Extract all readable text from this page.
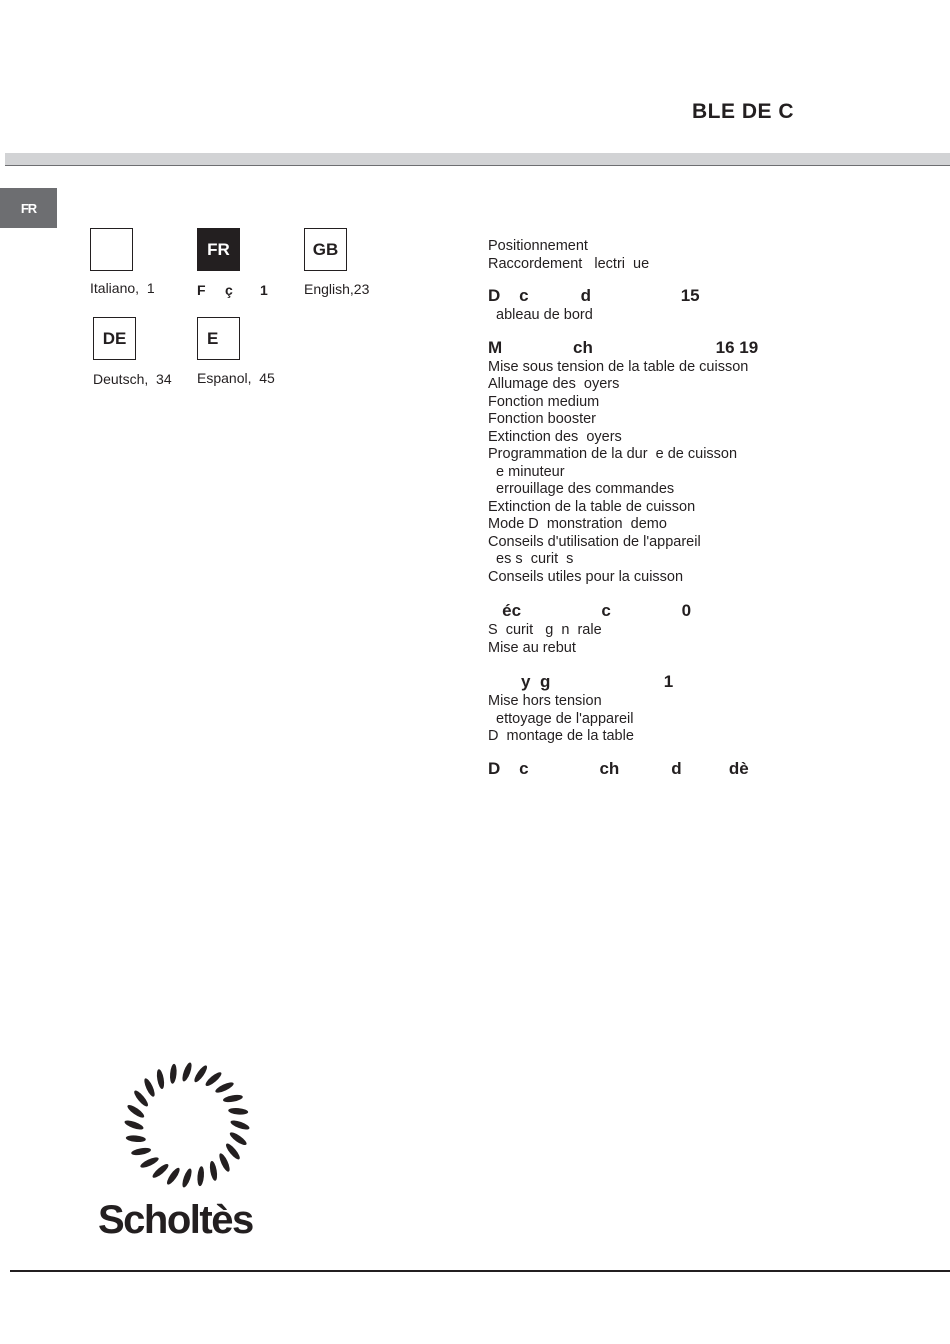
BLE DE C
FR
Italiano,  1
FR
F     ç       1
GB
English,23
DE
Deutsch,  34
E
Espanol,  45
Positionnement
Raccordement   lectri  ue
D    c           d                   15
ableau de bord
M               ch                          16 19
Mise sous tension de la table de cuisson
Allumage des  oyers
Fonction medium
Fonction booster
Extinction des  oyers
Programmation de la dur  e de cuisson
e minuteur
errouillage des commandes
Extinction de la table de cuisson
Mode D  monstration  demo
Conseils d'utilisation de l'appareil
es s  curit  s
Conseils utiles pour la cuisson
éc                 c               0
S  curit   g  n  rale
Mise au rebut
y  g                        1
Mise hors tension
ettoyage de l'appareil
D  montage de la table
D    c               ch           d          dè
Scholtès
